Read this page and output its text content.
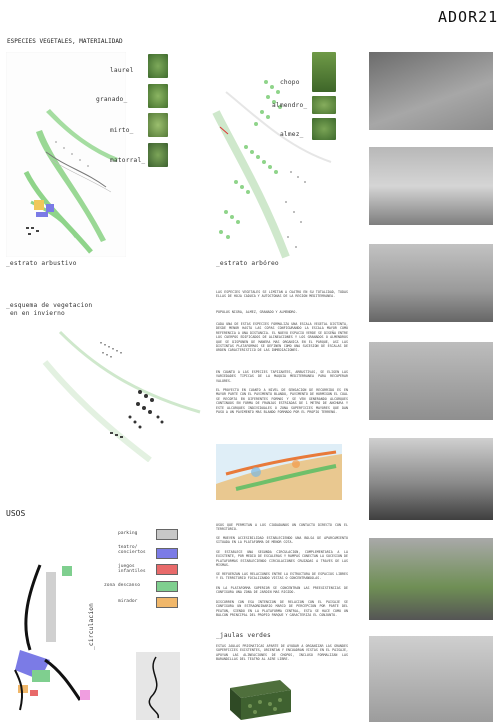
ADOR21
ESPECIES VEGETALES, MATERIALIDAD
laurel
granado_
mirto_
matorral_
_estrato arbustivo
chopo
almendro_
almez_
_estrato arbóreo
_esquema de vegetacion
en en invierno
LAS ESPECIES VEGETALES SE LIMITAN A CUATRO EN SU TOTALIDAD, TODAS ELLAS DE HOJA CADUCA Y AUTOCTONAS DE LA REGION MEDITERRANEA.
POPULUS NIGRA, ALMEZ, GRANADO Y ALMENDRO.
CADA UNA DE ESTAS ESPECIES FORMALIZA UNA ESCALA VEGETAL DISTINTA, DESDE MENOR HASTA LAS COPAS CONFIGURANDO LA ESCALA MAYOR COMO REFERENCIA A UNA DISTANCIA. EL NUEVO ESPACIO VERDE SE DISEÑA ENTRE LOS CUERPOS EDIFICADOS DE ALINEACIONES Y LOS GRANADOS O ALMENDROS QUE SE DISPONEN DE MANERA MAS ORGANICA EN EL PARQUE, ASI LAS DISTINTAS PLATAFORMAS SE DEFINEN COMO UNA SUCESION DE ESCALAS DE ORDEN CARACTERISTICO DE LAS INMEDIACIONES.
EN CUANTO A LAS ESPECIES TAPIZANTES, ARBUSTIVAS, SE ELIGEN LAS VARIEDADES TIPICAS DE LA MAQUIA MEDITERRANEA PARA RECUPERAR VALORES.
EL PROYECTO EN CUANTO A NIVEL DE SENSACION DE RECORRIDO ES EN MAYOR PARTE CON EL PAVIMENTO BLANDO, PAVIMENTO DE HORMIGON EL CUAL SE RECORTA EN DIFERENTES FORMAS Y SE VEN GENERANDO ALCORQUES CONTINUOS EN FORMA DE FRANJAS ESTRIADAS DE 1 METRO DE ANCHURA Y ESTE ALCORQUES INDIVIDUALES O ZONA SUPERFICIES MAYORES QUE DAN PASO A UN PAVIMENTO MAS BLANDO FORMADO POR EL PROPIO TERRENO.
USOS
parking
teatro/ conciertos
juegos infantiles
zona descanso
mirador
_circulacion
USOS QUE PERMITAN A LOS CIUDADANOS UN CONTACTO DIRECTO CON EL TERRITORIO.
SE MUEVEN ACCESIBILIDAD ESTABLECIENDO UNA BOLSA DE APARCAMIENTO SITUADA EN LA PLATAFORMA DE MENOR COTA.
SE ESTABLECE UNA SEGUNDA CIRCULACION, COMPLEMENTARIA A LA EXISTENTE, POR MEDIO DE ESCALERAS Y RAMPAS CONECTAN LA SUCESION DE PLATAFORMAS ESTABLECIENDO CIRCULACIONES CRUZADAS A TRAVES DE LAS MISMAS.
SE REFUERZAN LAS RELACIONES ENTRE LA ESTRUCTURA DE ESPACIOS LIBRES Y EL TERRITORIO FOCALIZANDO VISTAS O CONCENTRANDOLAS.
EN LA PLATAFORMA SUPERIOR SE CONCENTRAN LAS PREEXISTENCIAS DE CONFIGURA UNA ZONA DE JARDIN MAS RIGIDO.
DISCURREN CON ESA INTENCION DE RELACION CON EL PAISAJE SE CONFIGURA UN ESTRAORDINARIO MARCO DE PERCEPCION POR PARTE DEL PEATON, SIENDO EN LA PLATAFORMA CENTRAL, ESTA SE HACE COMO UN BALCON PRINCIPAL DEL PROPIO PARQUE Y CARACTERIZA EL CONJUNTO.
_jaulas verdes
ESTAS JAULAS PRISMATICAS APARTE DE AYUDAR A ORGANIZAR LAS GRANDES SUPERFICIES EXISTENTES, ORIENTAN Y ENCUADRAN VISTAS EN EL PAISAJE, APOYAN LAS ALINEACIONES DE CHOPOS, INCLUSO FORMALIZAN LAS BARANDILLAS DEL TEATRO AL AIRE LIBRE.
